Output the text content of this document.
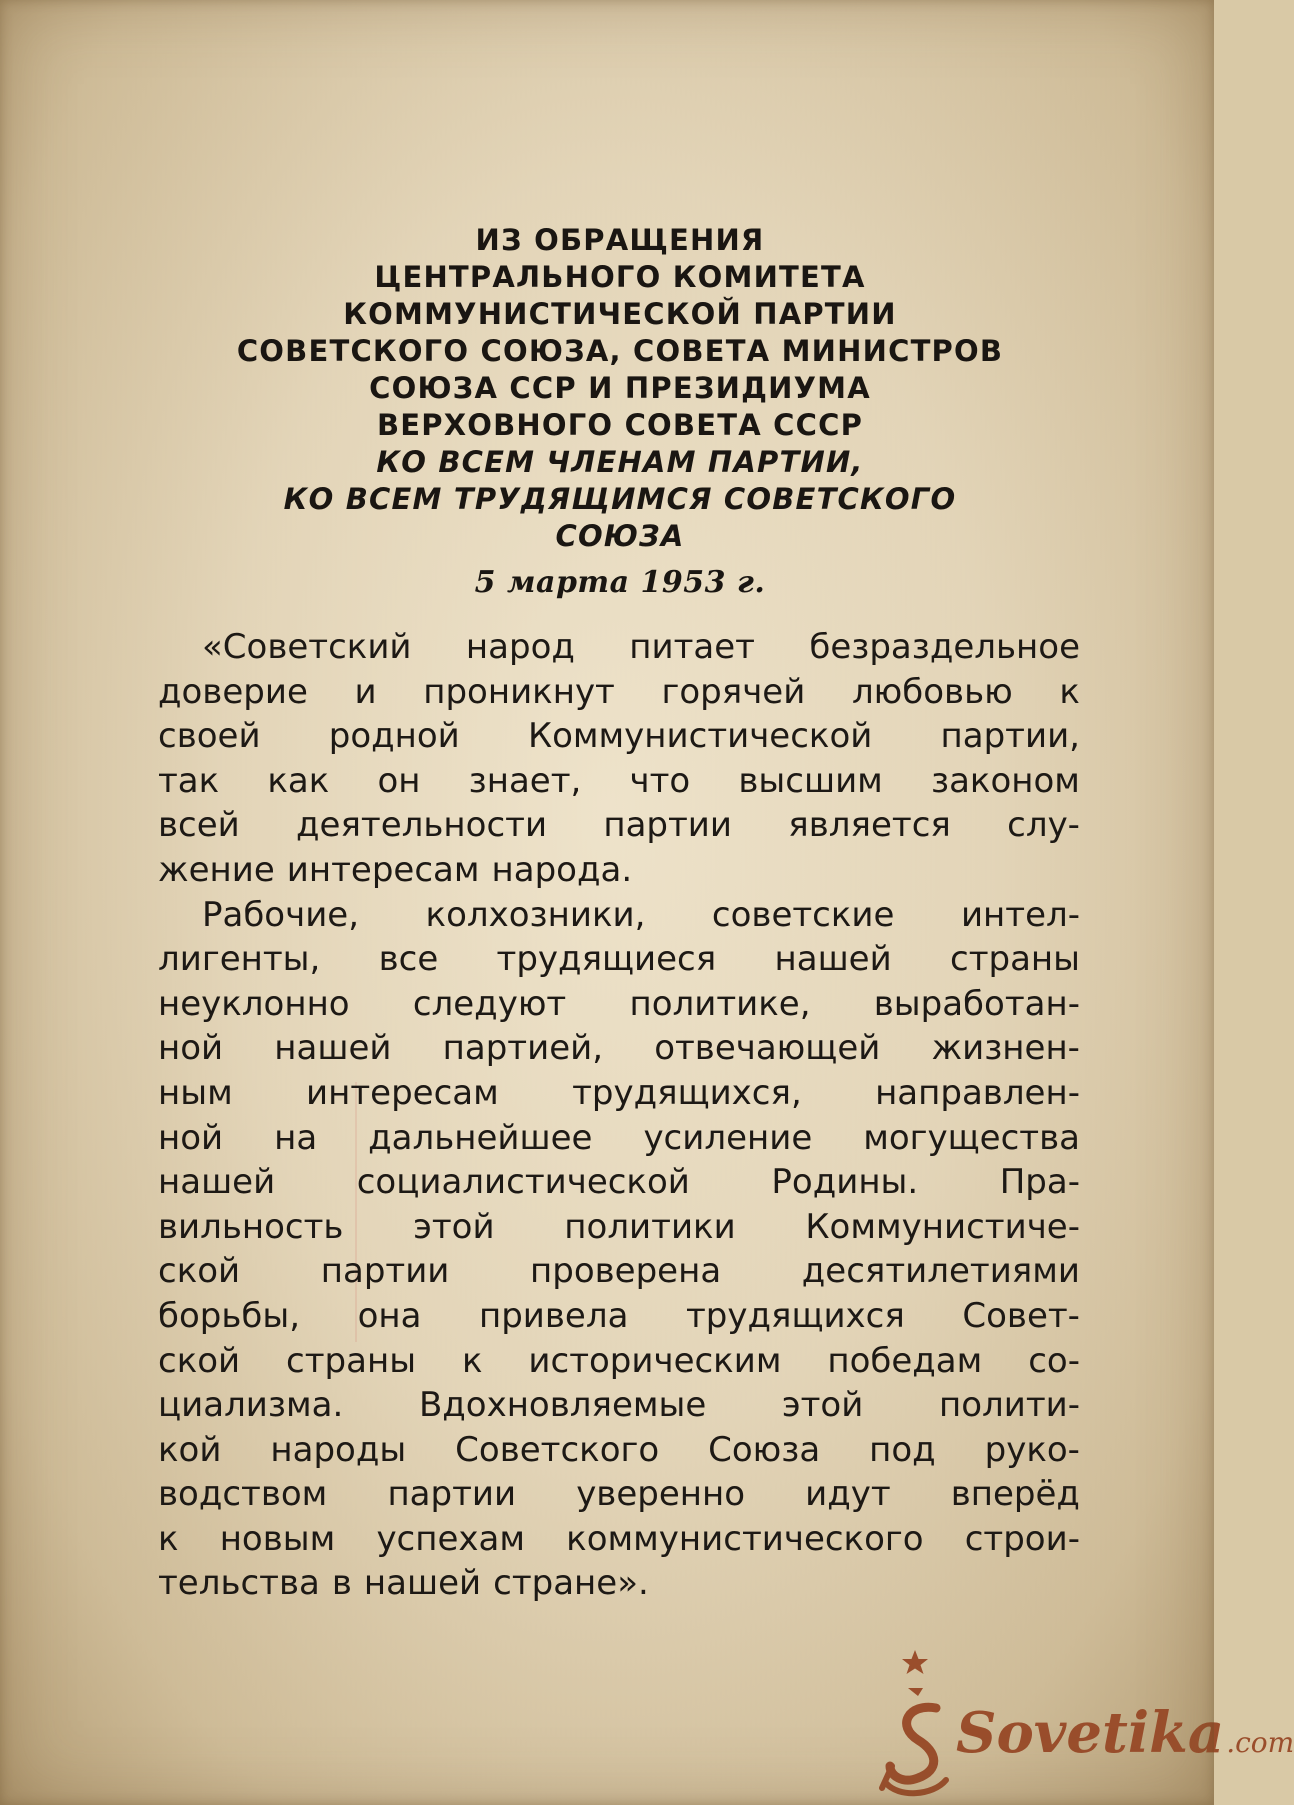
ИЗ ОБРАЩЕНИЯ
ЦЕНТРАЛЬНОГО КОМИТЕТА
КОММУНИСТИЧЕСКОЙ ПАРТИИ
СОВЕТСКОГО СОЮЗА, СОВЕТА МИНИСТРОВ
СОЮЗА ССР И ПРЕЗИДИУМА
ВЕРХОВНОГО СОВЕТА СССР
КО ВСЕМ ЧЛЕНАМ ПАРТИИ,
КО ВСЕМ ТРУДЯЩИМСЯ СОВЕТСКОГО
СОЮЗА
5 марта 1953 г.
«Советский народ питает безраздельное
доверие и проникнут горячей любовью к
своей родной Коммунистической партии,
так как он знает, что высшим законом
всей деятельности партии является слу-
жение интересам народа.
Рабочие, колхозники, советские интел-
лигенты, все трудящиеся нашей страны
неуклонно следуют политике, выработан-
ной нашей партией, отвечающей жизнен-
ным интересам трудящихся, направлен-
ной на дальнейшее усиление могущества
нашей социалистической Родины. Пра-
вильность этой политики Коммунистиче-
ской партии проверена десятилетиями
борьбы, она привела трудящихся Совет-
ской страны к историческим победам со-
циализма. Вдохновляемые этой полити-
кой народы Советского Союза под руко-
водством партии уверенно идут вперёд
к новым успехам коммунистического строи-
тельства в нашей стране».
Sovetika .com
